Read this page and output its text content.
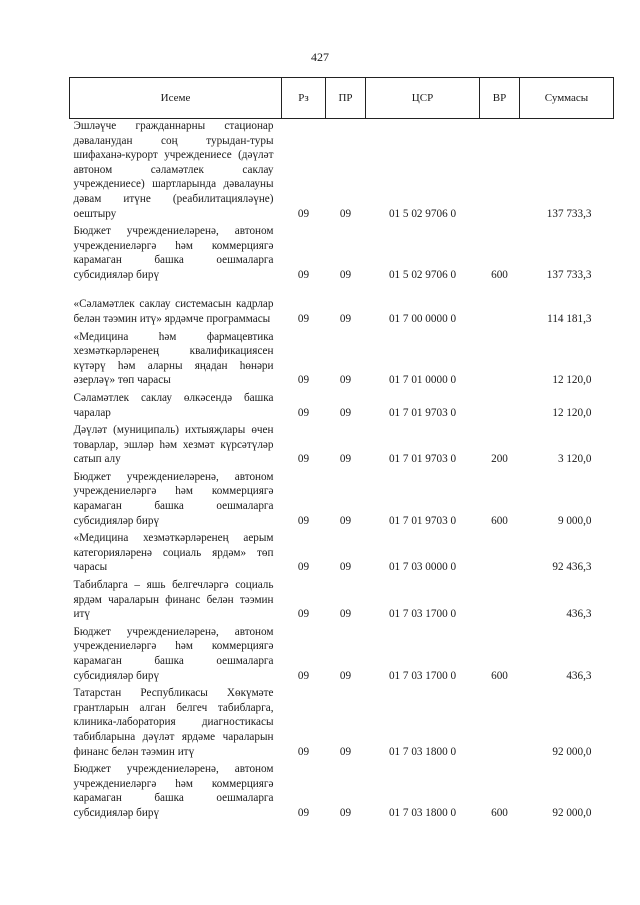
427
Исеме	Рз	ПР	ЦСР	ВР	Суммасы
Эшләүче гражданнарны стационар дәваланудан соң турыдан-туры шифаханә-курорт учреждениесе (дәүләт автоном сәламәтлек саклау учреждениесе) шартларында дәвалауны дәвам итүне (реабилитацияләүне) оештыру	09	09	01 5 02 9706 0		137 733,3
Бюджет учреждениеләренә, автоном учреждениеләргә һәм коммерциягә карамаган башка оешмаларга субсидияләр бирү	09	09	01 5 02 9706 0	600	137 733,3
«Сәламәтлек саклау системасын кадрлар белән тәэмин итү» ярдәмче программасы	09	09	01 7 00 0000 0		114 181,3
«Медицина һәм фармацевтика хезмәткәрләренең квалификациясен күтәрү һәм аларны яңадан һөнәри әзерләү» төп чарасы	09	09	01 7 01 0000 0		12 120,0
Сәламәтлек саклау өлкәсендә башка чаралар	09	09	01 7 01 9703 0		12 120,0
Дәүләт (муниципаль) ихтыяҗлары өчен товарлар, эшләр һәм хезмәт күрсәтүләр сатып алу	09	09	01 7 01 9703 0	200	3 120,0
Бюджет учреждениеләренә, автоном учреждениеләргә һәм коммерциягә карамаган башка оешмаларга субсидияләр бирү	09	09	01 7 01 9703 0	600	9 000,0
«Медицина хезмәткәрләренең аерым категорияләренә социаль ярдәм» төп чарасы	09	09	01 7 03 0000 0		92 436,3
Табибларга – яшь белгечләргә социаль ярдәм чараларын финанс белән тәэмин итү	09	09	01 7 03 1700 0		436,3
Бюджет учреждениеләренә, автоном учреждениеләргә һәм коммерциягә карамаган башка оешмаларга субсидияләр бирү	09	09	01 7 03 1700 0	600	436,3
Татарстан Республикасы Хөкүмәте грантларын алган белгеч табибларга, клиника-лаборатория диагностикасы табибларына дәүләт ярдәме чараларын финанс белән тәэмин итү	09	09	01 7 03 1800 0		92 000,0
Бюджет учреждениеләренә, автоном учреждениеләргә һәм коммерциягә карамаган башка оешмаларга субсидияләр бирү	09	09	01 7 03 1800 0	600	92 000,0
